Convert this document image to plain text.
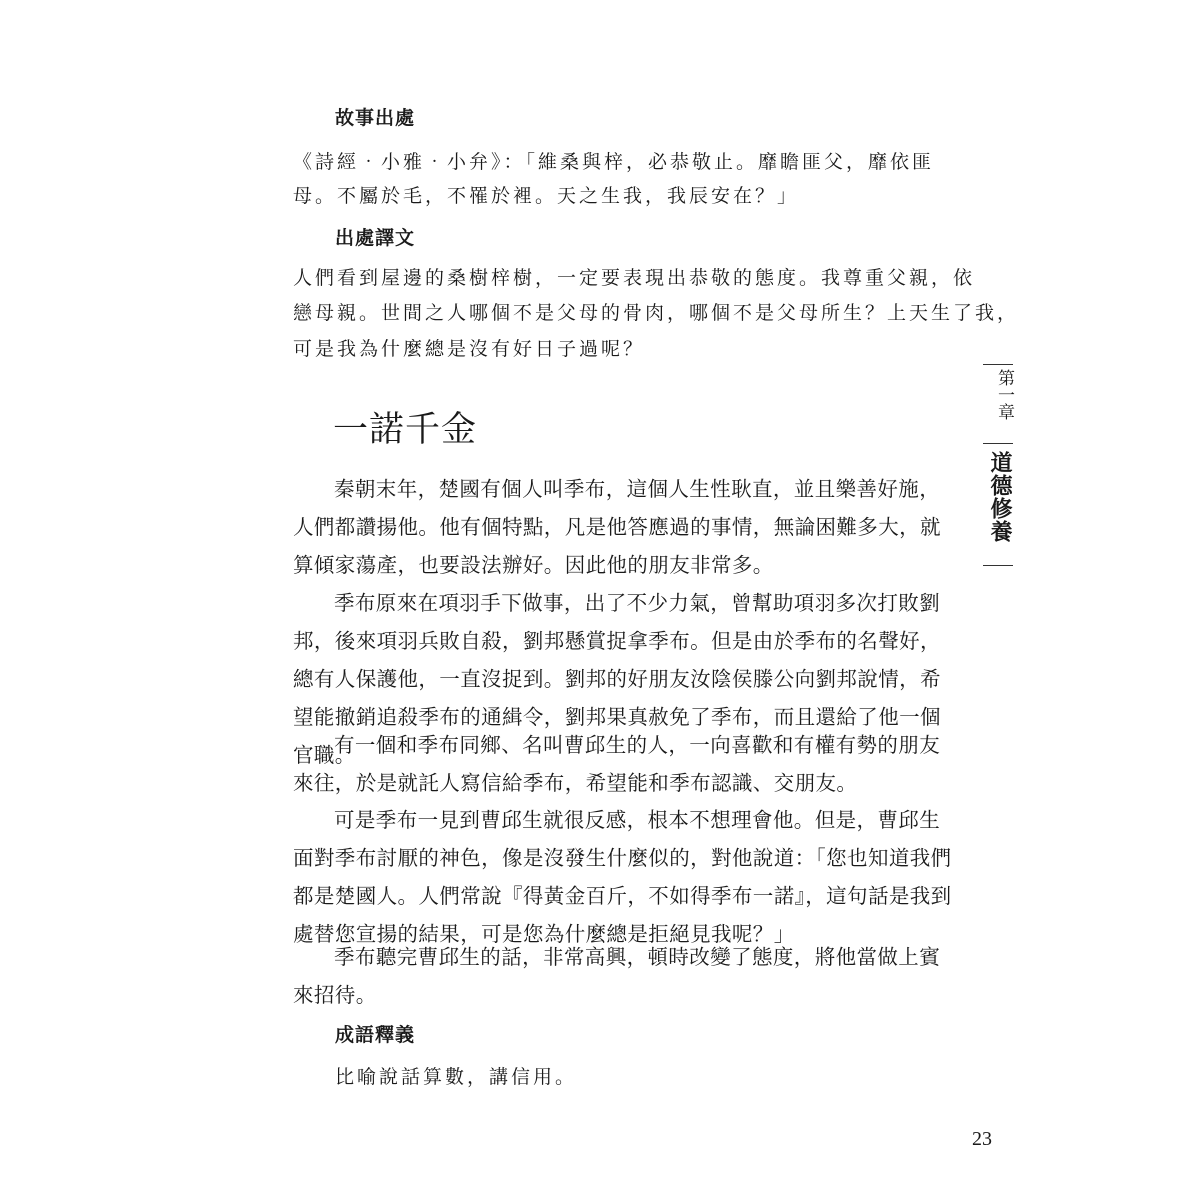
故事出處

《詩經‧小雅‧小弁》：「維桑與梓，必恭敬止。靡瞻匪父，靡依匪

母。不屬於毛，不罹於裡。天之生我，我辰安在？」

出處譯文

人們看到屋邊的桑樹梓樹，一定要表現出恭敬的態度。我尊重父親，依

戀母親。世間之人哪個不是父母的骨肉，哪個不是父母所生？上天生了我，

可是我為什麼總是沒有好日子過呢？

一諾千金

秦朝末年，楚國有個人叫季布，這個人生性耿直，並且樂善好施，人們都讚揚他。他有個特點，凡是他答應過的事情，無論困難多大，就算傾家蕩產，也要設法辦好。因此他的朋友非常多。

季布原來在項羽手下做事，出了不少力氣，曾幫助項羽多次打敗劉邦，後來項羽兵敗自殺，劉邦懸賞捉拿季布。但是由於季布的名聲好，總有人保護他，一直沒捉到。劉邦的好朋友汝陰侯滕公向劉邦說情，希望能撤銷追殺季布的通緝令，劉邦果真赦免了季布，而且還給了他一個官職。

有一個和季布同鄉、名叫曹邱生的人，一向喜歡和有權有勢的朋友來往，於是就託人寫信給季布，希望能和季布認識、交朋友。

可是季布一見到曹邱生就很反感，根本不想理會他。但是，曹邱生面對季布討厭的神色，像是沒發生什麼似的，對他說道：「您也知道我們都是楚國人。人們常說『得黃金百斤，不如得季布一諾』，這句話是我到處替您宣揚的結果，可是您為什麼總是拒絕見我呢？」

季布聽完曹邱生的話，非常高興，頓時改變了態度，將他當做上賓來招待。

成語釋義

比喻說話算數，講信用。

第一章
道德修養
23
